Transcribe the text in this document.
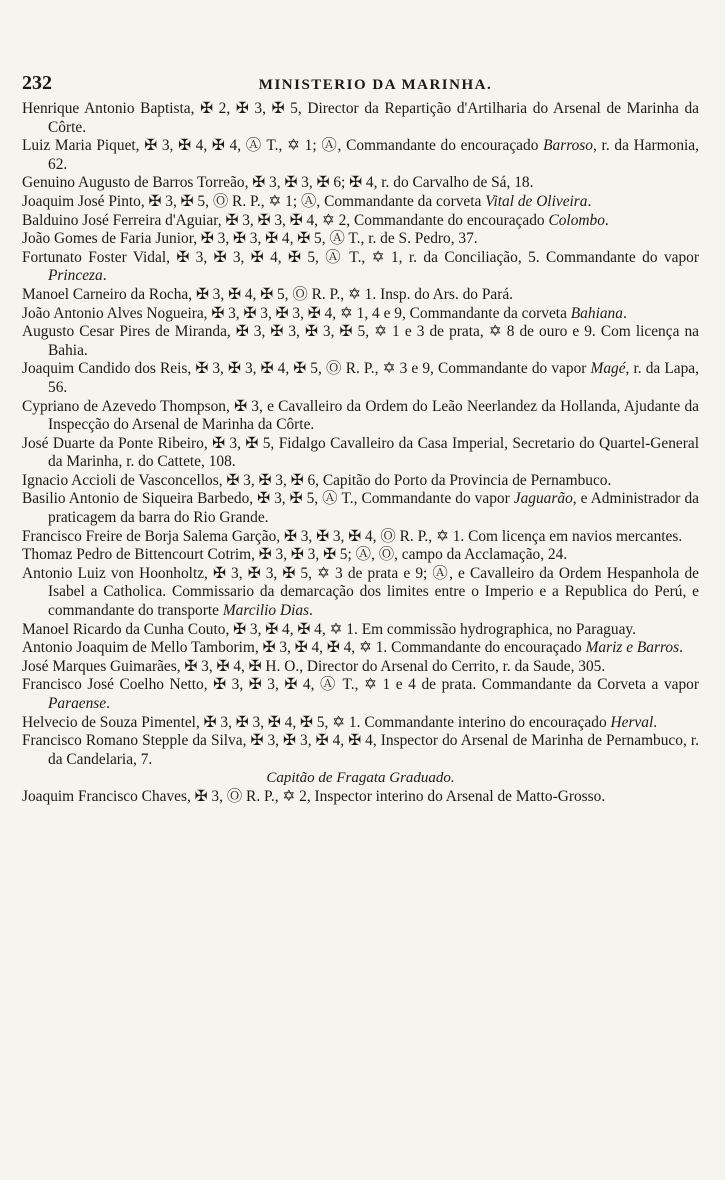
232	MINISTERIO DA MARINHA.

Henrique Antonio Baptista, ✠ 2, ✠ 3, ✠ 5, Director da Repartição d'Artilharia do Arsenal de Marinha da Côrte.

Luiz Maria Piquet, ✠ 3, ✠ 4, ✠ 4, Ⓐ T., ✡ 1; Ⓐ, Commandante do encouraçado Barroso, r. da Harmonia, 62.

Genuino Augusto de Barros Torreão, ✠ 3, ✠ 3, ✠ 6; ✠ 4, r. do Carvalho de Sá, 18.

Joaquim José Pinto, ✠ 3, ✠ 5, Ⓞ R. P., ✡ 1; Ⓐ, Commandante da corveta Vital de Oliveira.

Balduino José Ferreira d'Aguiar, ✠ 3, ✠ 3, ✠ 4, ✡ 2, Commandante do encouraçado Colombo.

João Gomes de Faria Junior, ✠ 3, ✠ 3, ✠ 4, ✠ 5, Ⓐ T., r. de S. Pedro, 37.

Fortunato Foster Vidal, ✠ 3, ✠ 3, ✠ 4, ✠ 5, Ⓐ T., ✡ 1, r. da Conciliação, 5. Commandante do vapor Princeza.

Manoel Carneiro da Rocha, ✠ 3, ✠ 4, ✠ 5, Ⓞ R. P., ✡ 1. Insp. do Ars. do Pará.

João Antonio Alves Nogueira, ✠ 3, ✠ 3, ✠ 3, ✠ 4, ✡ 1, 4 e 9, Commandante da corveta Bahiana.

Augusto Cesar Pires de Miranda, ✠ 3, ✠ 3, ✠ 3, ✠ 5, ✡ 1 e 3 de prata, ✡ 8 de ouro e 9. Com licença na Bahia.

Joaquim Candido dos Reis, ✠ 3, ✠ 3, ✠ 4, ✠ 5, Ⓞ R. P., ✡ 3 e 9, Commandante do vapor Magé, r. da Lapa, 56.

Cypriano de Azevedo Thompson, ✠ 3, e Cavalleiro da Ordem do Leão Neerlandez da Hollanda, Ajudante da Inspecção do Arsenal de Marinha da Côrte.

José Duarte da Ponte Ribeiro, ✠ 3, ✠ 5, Fidalgo Cavalleiro da Casa Imperial, Secretario do Quartel-General da Marinha, r. do Cattete, 108.

Ignacio Accioli de Vasconcellos, ✠ 3, ✠ 3, ✠ 6, Capitão do Porto da Provincia de Pernambuco.

Basilio Antonio de Siqueira Barbedo, ✠ 3, ✠ 5, Ⓐ T., Commandante do vapor Jaguarão, e Administrador da praticagem da barra do Rio Grande.

Francisco Freire de Borja Salema Garção, ✠ 3, ✠ 3, ✠ 4, Ⓞ R. P., ✡ 1. Com licença em navios mercantes.

Thomaz Pedro de Bittencourt Cotrim, ✠ 3, ✠ 3, ✠ 5; Ⓐ, Ⓞ, campo da Acclamação, 24.

Antonio Luiz von Hoonholtz, ✠ 3, ✠ 3, ✠ 5, ✡ 3 de prata e 9; Ⓐ, e Cavalleiro da Ordem Hespanhola de Isabel a Catholica. Commissario da demarcação dos limites entre o Imperio e a Republica do Perú, e commandante do transporte Marcilio Dias.

Manoel Ricardo da Cunha Couto, ✠ 3, ✠ 4, ✠ 4, ✡ 1. Em commissão hydrographica, no Paraguay.

Antonio Joaquim de Mello Tamborim, ✠ 3, ✠ 4, ✠ 4, ✡ 1. Commandante do encouraçado Mariz e Barros.

José Marques Guimarães, ✠ 3, ✠ 4, ✠ H. O., Director do Arsenal do Cerrito, r. da Saude, 305.

Francisco José Coelho Netto, ✠ 3, ✠ 3, ✠ 4, Ⓐ T., ✡ 1 e 4 de prata. Commandante da Corveta a vapor Paraense.

Helvecio de Souza Pimentel, ✠ 3, ✠ 3, ✠ 4, ✠ 5, ✡ 1. Commandante interino do encouraçado Herval.

Francisco Romano Stepple da Silva, ✠ 3, ✠ 3, ✠ 4, ✠ 4, Inspector do Arsenal de Marinha de Pernambuco, r. da Candelaria, 7.

Capitão de Fragata Graduado.

Joaquim Francisco Chaves, ✠ 3, Ⓞ R. P., ✡ 2, Inspector interino do Arsenal de Matto-Grosso.
